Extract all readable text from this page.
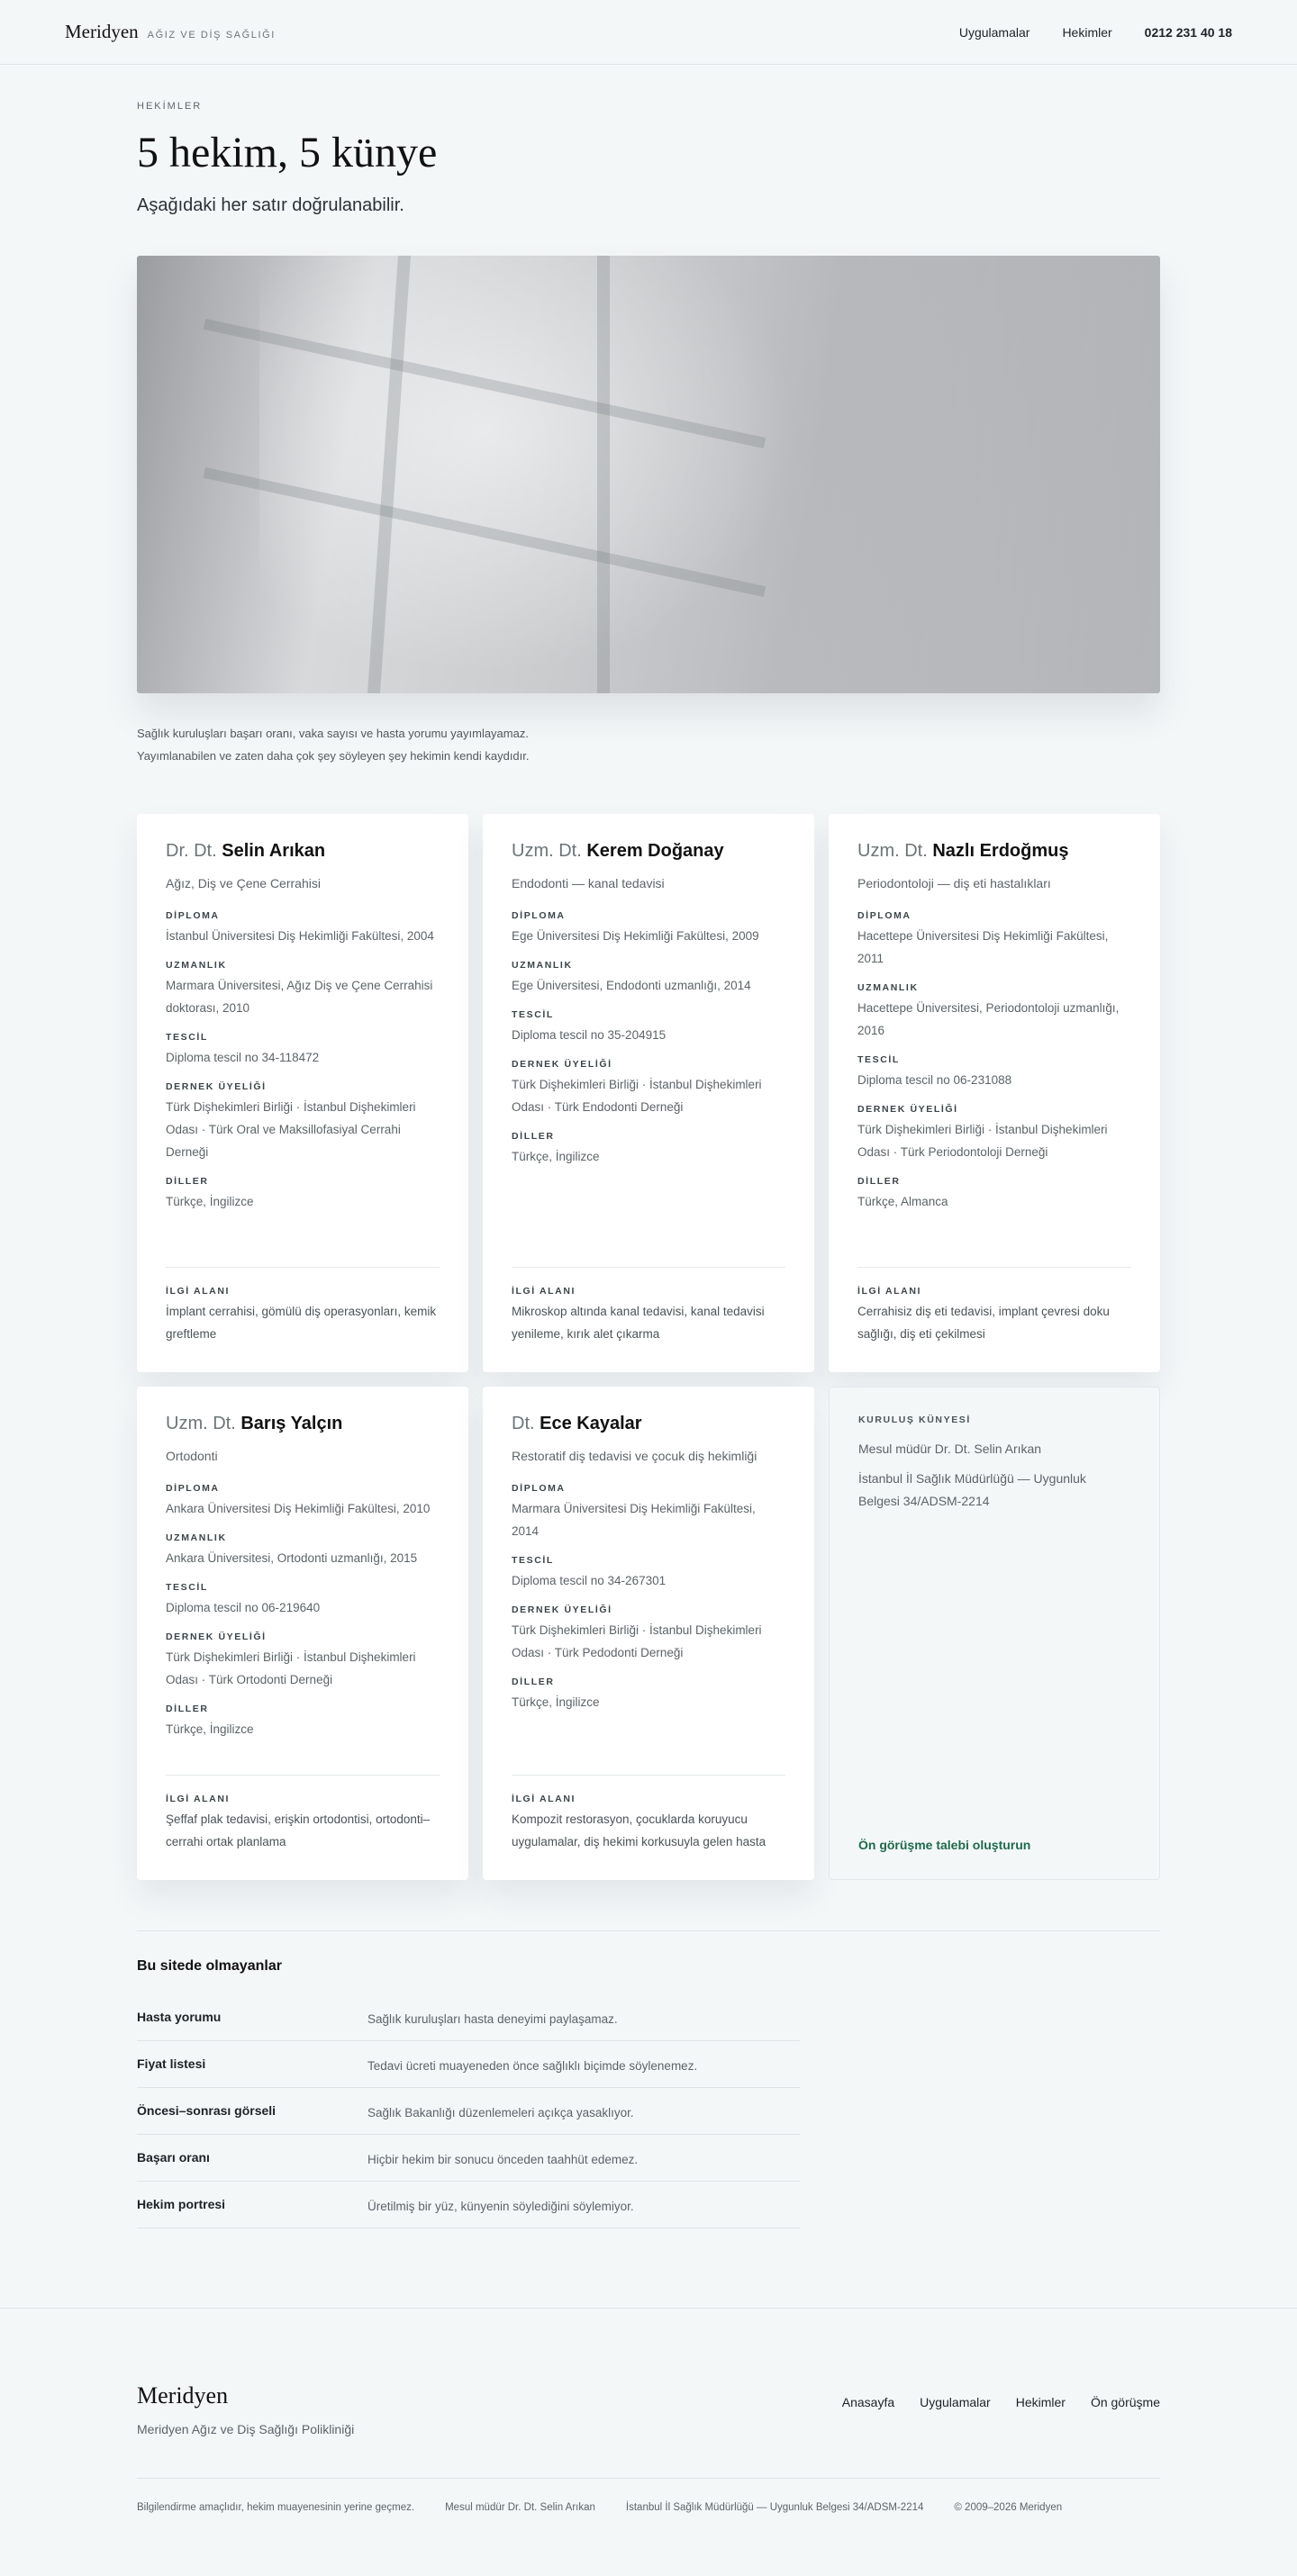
Meridyen AĞIZ VE DİŞ SAĞLIĞI	Uygulamalar	Hekimler	0212 231 40 18
HEKİMLER
5 hekim, 5 künye

Aşağıdaki her satır doğrulanabilir.

Sağlık kuruluşları başarı oranı, vaka sayısı ve hasta yorumu yayımlayamaz.
Yayımlanabilen ve zaten daha çok şey söyleyen şey hekimin kendi kaydıdır.
Dr. Dt. Selin Arıkan
Ağız, Diş ve Çene Cerrahisi
DİPLOMA
İstanbul Üniversitesi Diş Hekimliği Fakültesi, 2004
UZMANLIK
Marmara Üniversitesi, Ağız Diş ve Çene Cerrahisi doktorası, 2010
TESCİL
Diploma tescil no 34-118472
DERNEK ÜYELİĞİ
Türk Dişhekimleri Birliği · İstanbul Dişhekimleri Odası · Türk Oral ve Maksillofasiyal Cerrahi Derneği
DİLLER
Türkçe, İngilizce
İLGİ ALANI
İmplant cerrahisi, gömülü diş operasyonları, kemik greftleme
Uzm. Dt. Kerem Doğanay
Endodonti — kanal tedavisi
DİPLOMA
Ege Üniversitesi Diş Hekimliği Fakültesi, 2009
UZMANLIK
Ege Üniversitesi, Endodonti uzmanlığı, 2014
TESCİL
Diploma tescil no 35-204915
DERNEK ÜYELİĞİ
Türk Dişhekimleri Birliği · İstanbul Dişhekimleri Odası · Türk Endodonti Derneği
DİLLER
Türkçe, İngilizce
İLGİ ALANI
Mikroskop altında kanal tedavisi, kanal tedavisi yenileme, kırık alet çıkarma
Uzm. Dt. Nazlı Erdoğmuş
Periodontoloji — diş eti hastalıkları
DİPLOMA
Hacettepe Üniversitesi Diş Hekimliği Fakültesi, 2011
UZMANLIK
Hacettepe Üniversitesi, Periodontoloji uzmanlığı, 2016
TESCİL
Diploma tescil no 06-231088
DERNEK ÜYELİĞİ
Türk Dişhekimleri Birliği · İstanbul Dişhekimleri Odası · Türk Periodontoloji Derneği
DİLLER
Türkçe, Almanca
İLGİ ALANI
Cerrahisiz diş eti tedavisi, implant çevresi doku sağlığı, diş eti çekilmesi
Uzm. Dt. Barış Yalçın
Ortodonti
DİPLOMA
Ankara Üniversitesi Diş Hekimliği Fakültesi, 2010
UZMANLIK
Ankara Üniversitesi, Ortodonti uzmanlığı, 2015
TESCİL
Diploma tescil no 06-219640
DERNEK ÜYELİĞİ
Türk Dişhekimleri Birliği · İstanbul Dişhekimleri Odası · Türk Ortodonti Derneği
DİLLER
Türkçe, İngilizce
İLGİ ALANI
Şeffaf plak tedavisi, erişkin ortodontisi, ortodonti–cerrahi ortak planlama
Dt. Ece Kayalar
Restoratif diş tedavisi ve çocuk diş hekimliği
DİPLOMA
Marmara Üniversitesi Diş Hekimliği Fakültesi, 2014
TESCİL
Diploma tescil no 34-267301
DERNEK ÜYELİĞİ
Türk Dişhekimleri Birliği · İstanbul Dişhekimleri Odası · Türk Pedodonti Derneği
DİLLER
Türkçe, İngilizce
İLGİ ALANI
Kompozit restorasyon, çocuklarda koruyucu uygulamalar, diş hekimi korkusuyla gelen hasta
KURULUŞ KÜNYESİ
Mesul müdür Dr. Dt. Selin Arıkan
İstanbul İl Sağlık Müdürlüğü — Uygunluk Belgesi 34/ADSM-2214
Ön görüşme talebi oluşturun
Bu sitede olmayanlar
Hasta yorumu	Sağlık kuruluşları hasta deneyimi paylaşamaz.
Fiyat listesi	Tedavi ücreti muayeneden önce sağlıklı biçimde söylenemez.
Öncesi–sonrası görseli	Sağlık Bakanlığı düzenlemeleri açıkça yasaklıyor.
Başarı oranı	Hiçbir hekim bir sonucu önceden taahhüt edemez.
Hekim portresi	Üretilmiş bir yüz, künyenin söylediğini söylemiyor.
Meridyen
Meridyen Ağız ve Diş Sağlığı Polikliniği
Anasayfa Uygulamalar Hekimler Ön görüşme
Bilgilendirme amaçlıdır, hekim muayenesinin yerine geçmez.	Mesul müdür Dr. Dt. Selin Arıkan	İstanbul İl Sağlık Müdürlüğü — Uygunluk Belgesi 34/ADSM-2214	© 2009–2026 Meridyen
